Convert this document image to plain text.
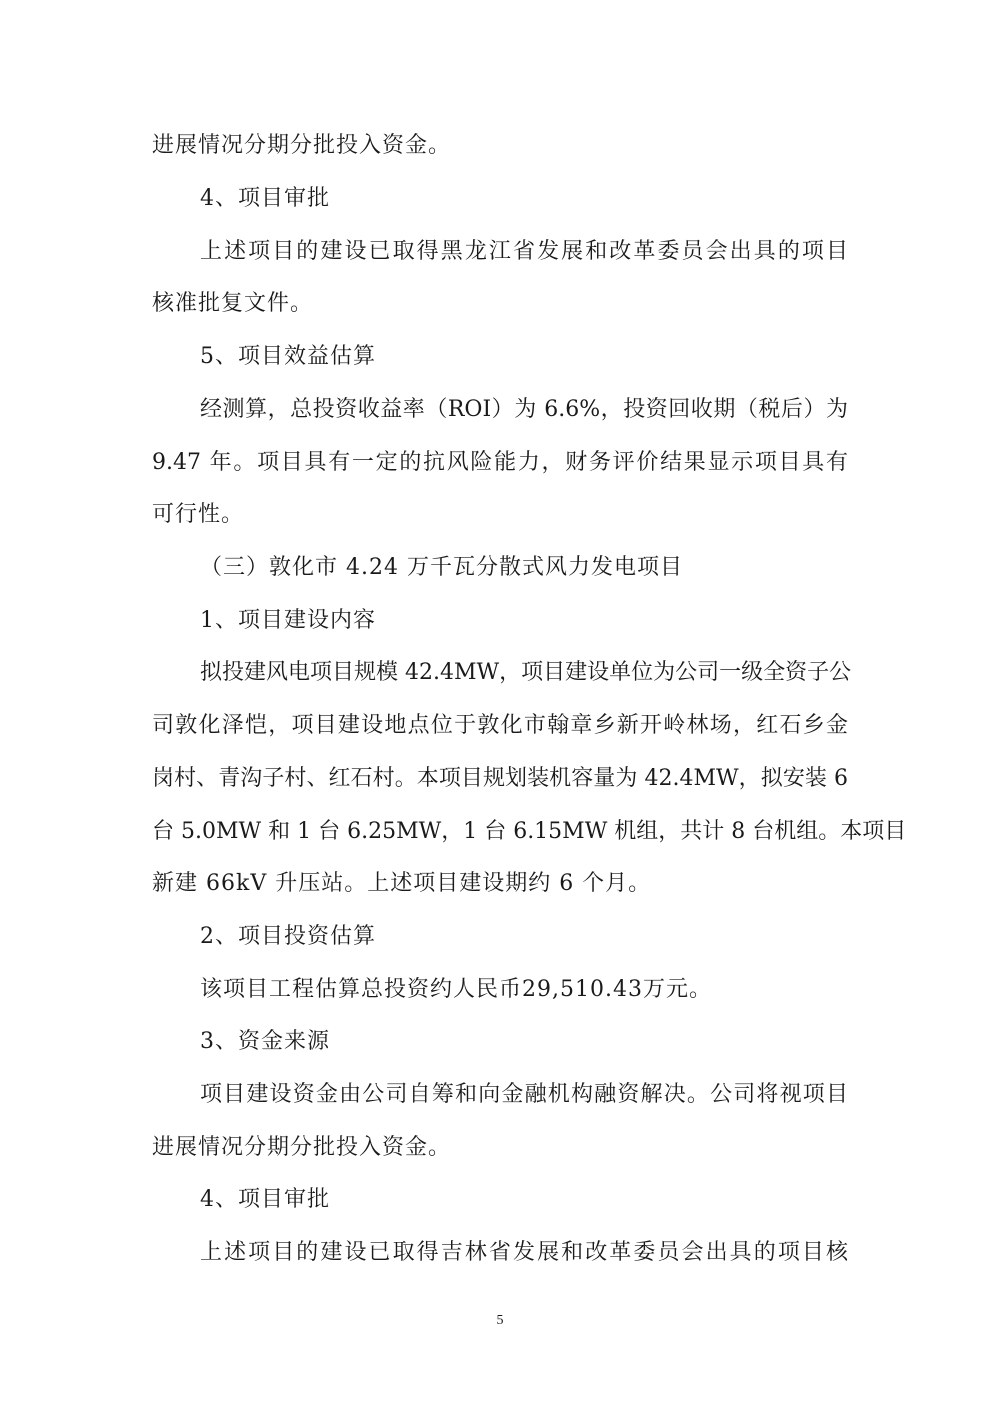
进展情况分期分批投入资金。
4、项目审批
上述项目的建设已取得黑龙江省发展和改革委员会出具的项目
核准批复文件。
5、项目效益估算
经测算，总投资收益率（ROI）为 6.6%，投资回收期（税后）为
9.47 年。项目具有一定的抗风险能力，财务评价结果显示项目具有
可行性。
（三）敦化市 4.24 万千瓦分散式风力发电项目
1、项目建设内容
拟投建风电项目规模 42.4MW，项目建设单位为公司一级全资子公
司敦化泽恺，项目建设地点位于敦化市翰章乡新开岭林场，红石乡金
岗村、青沟子村、红石村。本项目规划装机容量为 42.4MW，拟安装 6
台 5.0MW 和 1 台 6.25MW，1 台 6.15MW 机组，共计 8 台机组。本项目
新建 66kV 升压站。上述项目建设期约 6 个月。
2、项目投资估算
该项目工程估算总投资约人民币29,510.43万元。
3、资金来源
项目建设资金由公司自筹和向金融机构融资解决。公司将视项目
进展情况分期分批投入资金。
4、项目审批
上述项目的建设已取得吉林省发展和改革委员会出具的项目核
5
